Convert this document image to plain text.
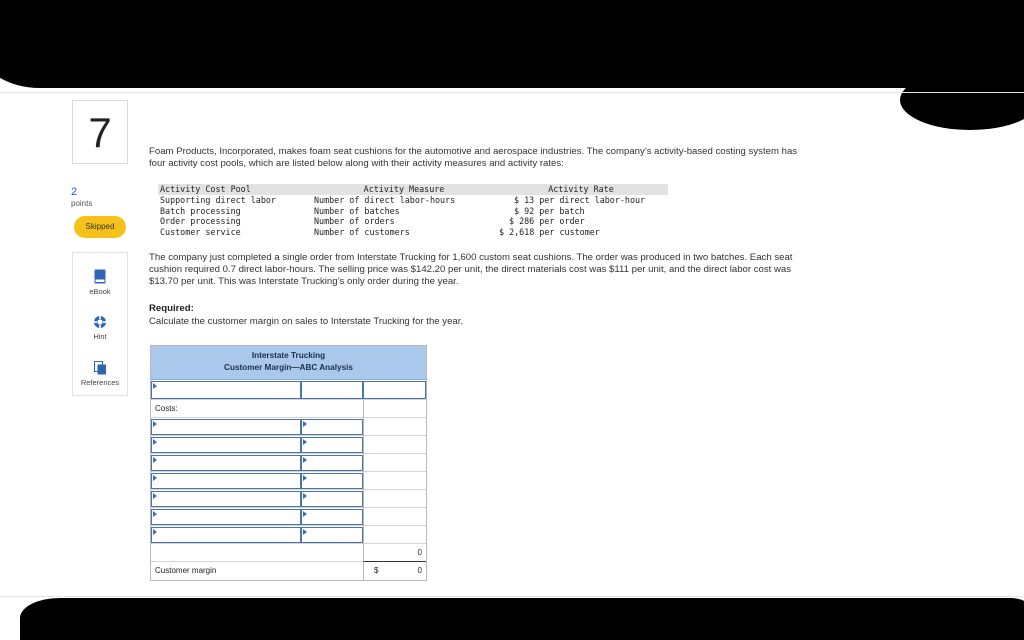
7
2
points
Skipped
eBook
Hint
References
Foam Products, Incorporated, makes foam seat cushions for the automotive and aerospace industries. The company’s activity-based costing system has four activity cost pools, which are listed below along with their activity measures and activity rates:
Activity Cost Pool	Activity Measure	Activity Rate
Supporting direct labor	Number of direct labor-hours	$ 13 per direct labor-hour
Batch processing	Number of batches	$ 92 per batch
Order processing	Number of orders	$ 286 per order
Customer service	Number of customers	$ 2,618 per customer
The company just completed a single order from Interstate Trucking for 1,600 custom seat cushions. The order was produced in two batches. Each seat cushion required 0.7 direct labor-hours. The selling price was $142.20 per unit, the direct materials cost was $111 per unit, and the direct labor cost was $13.70 per unit. This was Interstate Trucking’s only order during the year.
Required:
Calculate the customer margin on sales to Interstate Trucking for the year.
Interstate Trucking
Customer Margin—ABC Analysis
Costs:
0
Customer margin	$	0
